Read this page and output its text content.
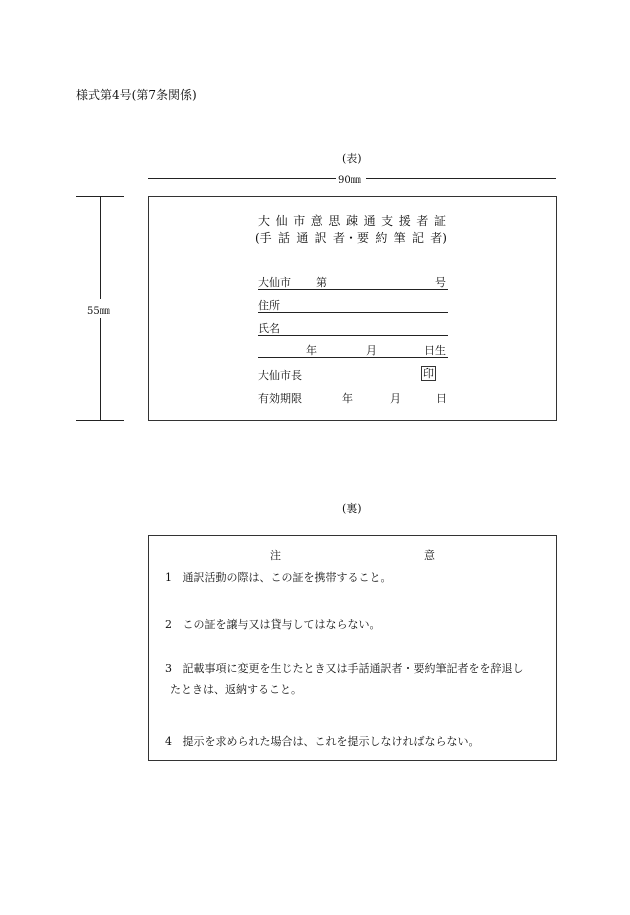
様式第4号(第7条関係)
(表)
90㎜
55㎜
大 仙 市 意 思 疎 通 支 援 者 証
(手 話 通 訳 者・要 約 筆 記 者)
大仙市 第	号
住所
氏名
年	月	日生
大仙市長	印
有効期限	年	月	日
(裏)
注	意
1 通訳活動の際は、この証を携帯すること。
2 この証を譲与又は貸与してはならない。
3 記載事項に変更を生じたとき又は手話通訳者・要約筆記者をを辞退し
たときは、返納すること。
4 提示を求められた場合は、これを提示しなければならない。
